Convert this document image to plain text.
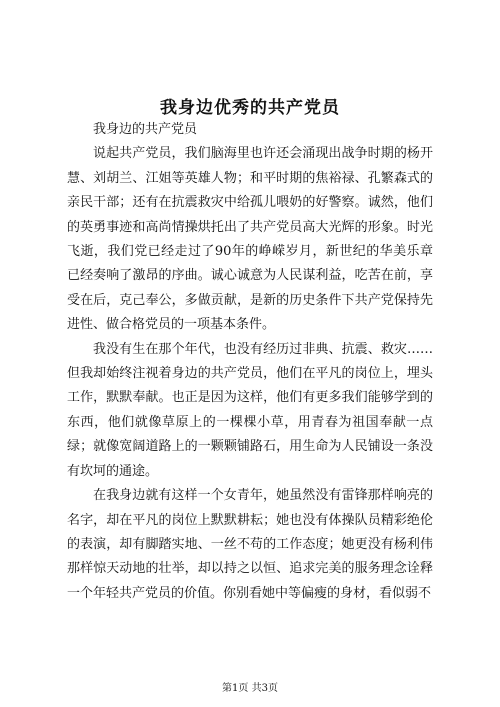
我身边优秀的共产党员

我身边的共产党员

说起共产党员，我们脑海里也许还会涌现出战争时期的杨开慧、刘胡兰、江姐等英雄人物；和平时期的焦裕禄、孔繁森式的亲民干部；还有在抗震救灾中给孤儿喂奶的好警察。诚然，他们的英勇事迹和高尚情操烘托出了共产党员高大光辉的形象。时光飞逝，我们党已经走过了90年的峥嵘岁月，新世纪的华美乐章已经奏响了激昂的序曲。诚心诚意为人民谋利益，吃苦在前，享受在后，克己奉公，多做贡献，是新的历史条件下共产党保持先进性、做合格党员的一项基本条件。

我没有生在那个年代，也没有经历过非典、抗震、救灾……但我却始终注视着身边的共产党员，他们在平凡的岗位上，埋头工作，默默奉献。也正是因为这样，他们有更多我们能够学到的东西，他们就像草原上的一棵棵小草，用青春为祖国奉献一点绿；就像宽阔道路上的一颗颗铺路石，用生命为人民铺设一条没有坎坷的通途。

在我身边就有这样一个女青年，她虽然没有雷锋那样响亮的名字，却在平凡的岗位上默默耕耘；她也没有体操队员精彩绝伦的表演，却有脚踏实地、一丝不苟的工作态度；她更没有杨利伟那样惊天动地的壮举，却以持之以恒、追求完美的服务理念诠释一个年轻共产党员的价值。你别看她中等偏瘦的身材，看似弱不

第1页 共3页
